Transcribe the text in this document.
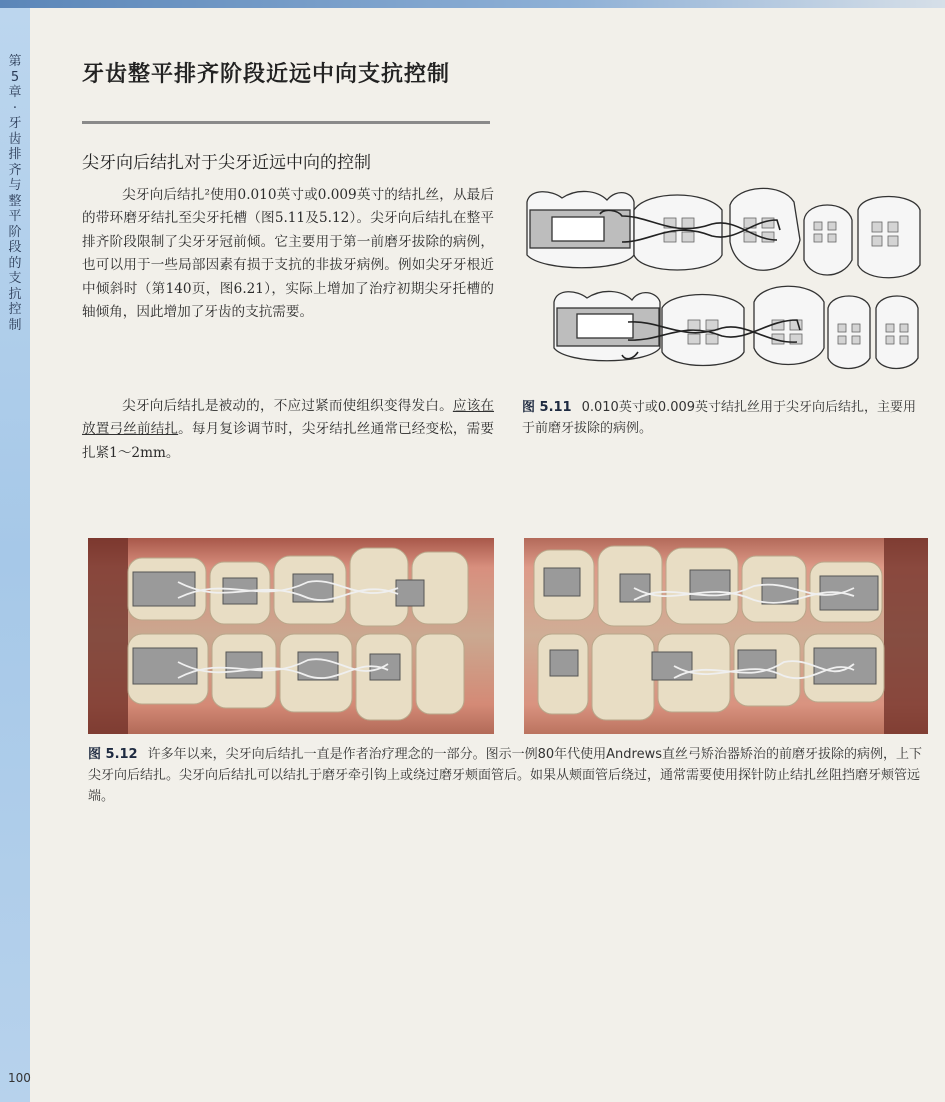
第
5
章
·
牙
齿
排
齐
与
整
平
阶
段
的
支
抗
控
制
牙齿整平排齐阶段近远中向支抗控制
尖牙向后结扎对于尖牙近远中向的控制
尖牙向后结扎²使用0.010英寸或0.009英寸的结扎丝，从最后的带环磨牙结扎至尖牙托槽（图5.11及5.12）。尖牙向后结扎在整平排齐阶段限制了尖牙牙冠前倾。它主要用于第一前磨牙拔除的病例，也可以用于一些局部因素有损于支抗的非拔牙病例。例如尖牙牙根近中倾斜时（第140页，图6.21），实际上增加了治疗初期尖牙托槽的轴倾角，因此增加了牙齿的支抗需要。
尖牙向后结扎是被动的，不应过紧而使组织变得发白。应该在放置弓丝前结扎。每月复诊调节时，尖牙结扎丝通常已经变松，需要扎紧1～2mm。
图 5.11 0.010英寸或0.009英寸结扎丝用于尖牙向后结扎，主要用于前磨牙拔除的病例。
图 5.12 许多年以来，尖牙向后结扎一直是作者治疗理念的一部分。图示一例80年代使用Andrews直丝弓矫治器矫治的前磨牙拔除的病例，上下尖牙向后结扎。尖牙向后结扎可以结扎于磨牙牵引钩上或绕过磨牙颊面管后。如果从颊面管后绕过，通常需要使用探针防止结扎丝阻挡磨牙颊管远端。
100
